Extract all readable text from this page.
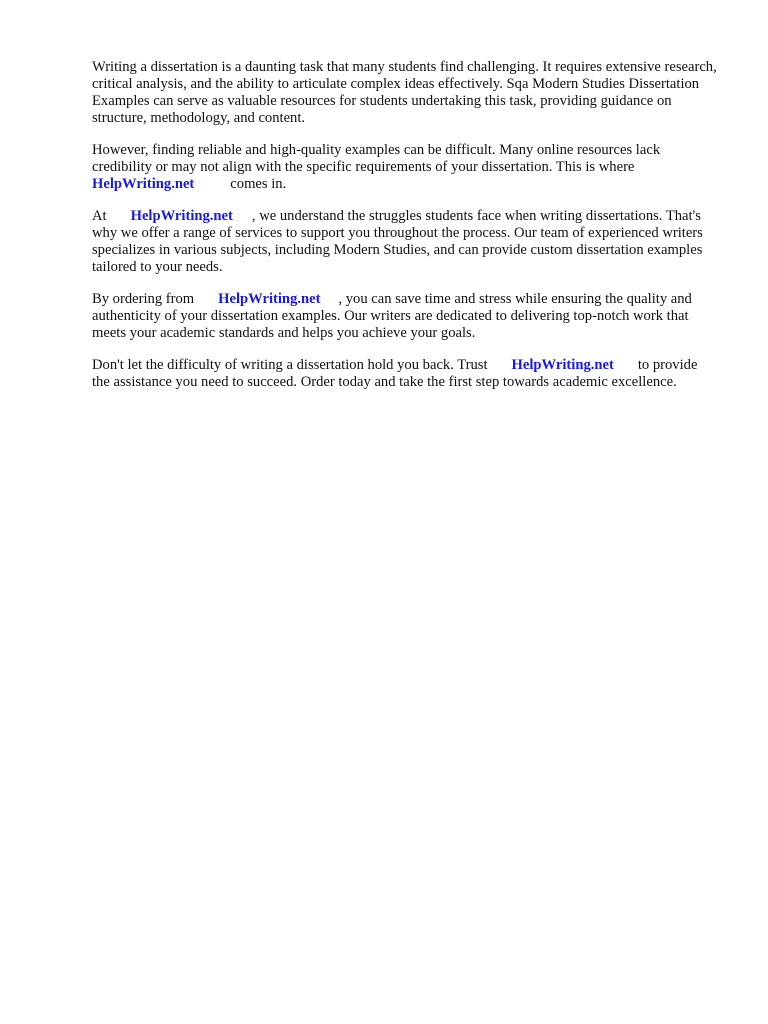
Writing a dissertation is a daunting task that many students find challenging. It requires extensive research, critical analysis, and the ability to articulate complex ideas effectively. Sqa Modern Studies Dissertation Examples can serve as valuable resources for students undertaking this task, providing guidance on structure, methodology, and content.

However, finding reliable and high-quality examples can be difficult. Many online resources lack credibility or may not align with the specific requirements of your dissertation. This is where
HelpWriting.net comes in.

At HelpWriting.net , we understand the struggles students face when writing dissertations. That's why we offer a range of services to support you throughout the process. Our team of experienced writers specializes in various subjects, including Modern Studies, and can provide custom dissertation examples tailored to your needs.

By ordering from HelpWriting.net , you can save time and stress while ensuring the quality and authenticity of your dissertation examples. Our writers are dedicated to delivering top-notch work that meets your academic standards and helps you achieve your goals.

Don't let the difficulty of writing a dissertation hold you back. Trust HelpWriting.net to provide the assistance you need to succeed. Order today and take the first step towards academic excellence.
